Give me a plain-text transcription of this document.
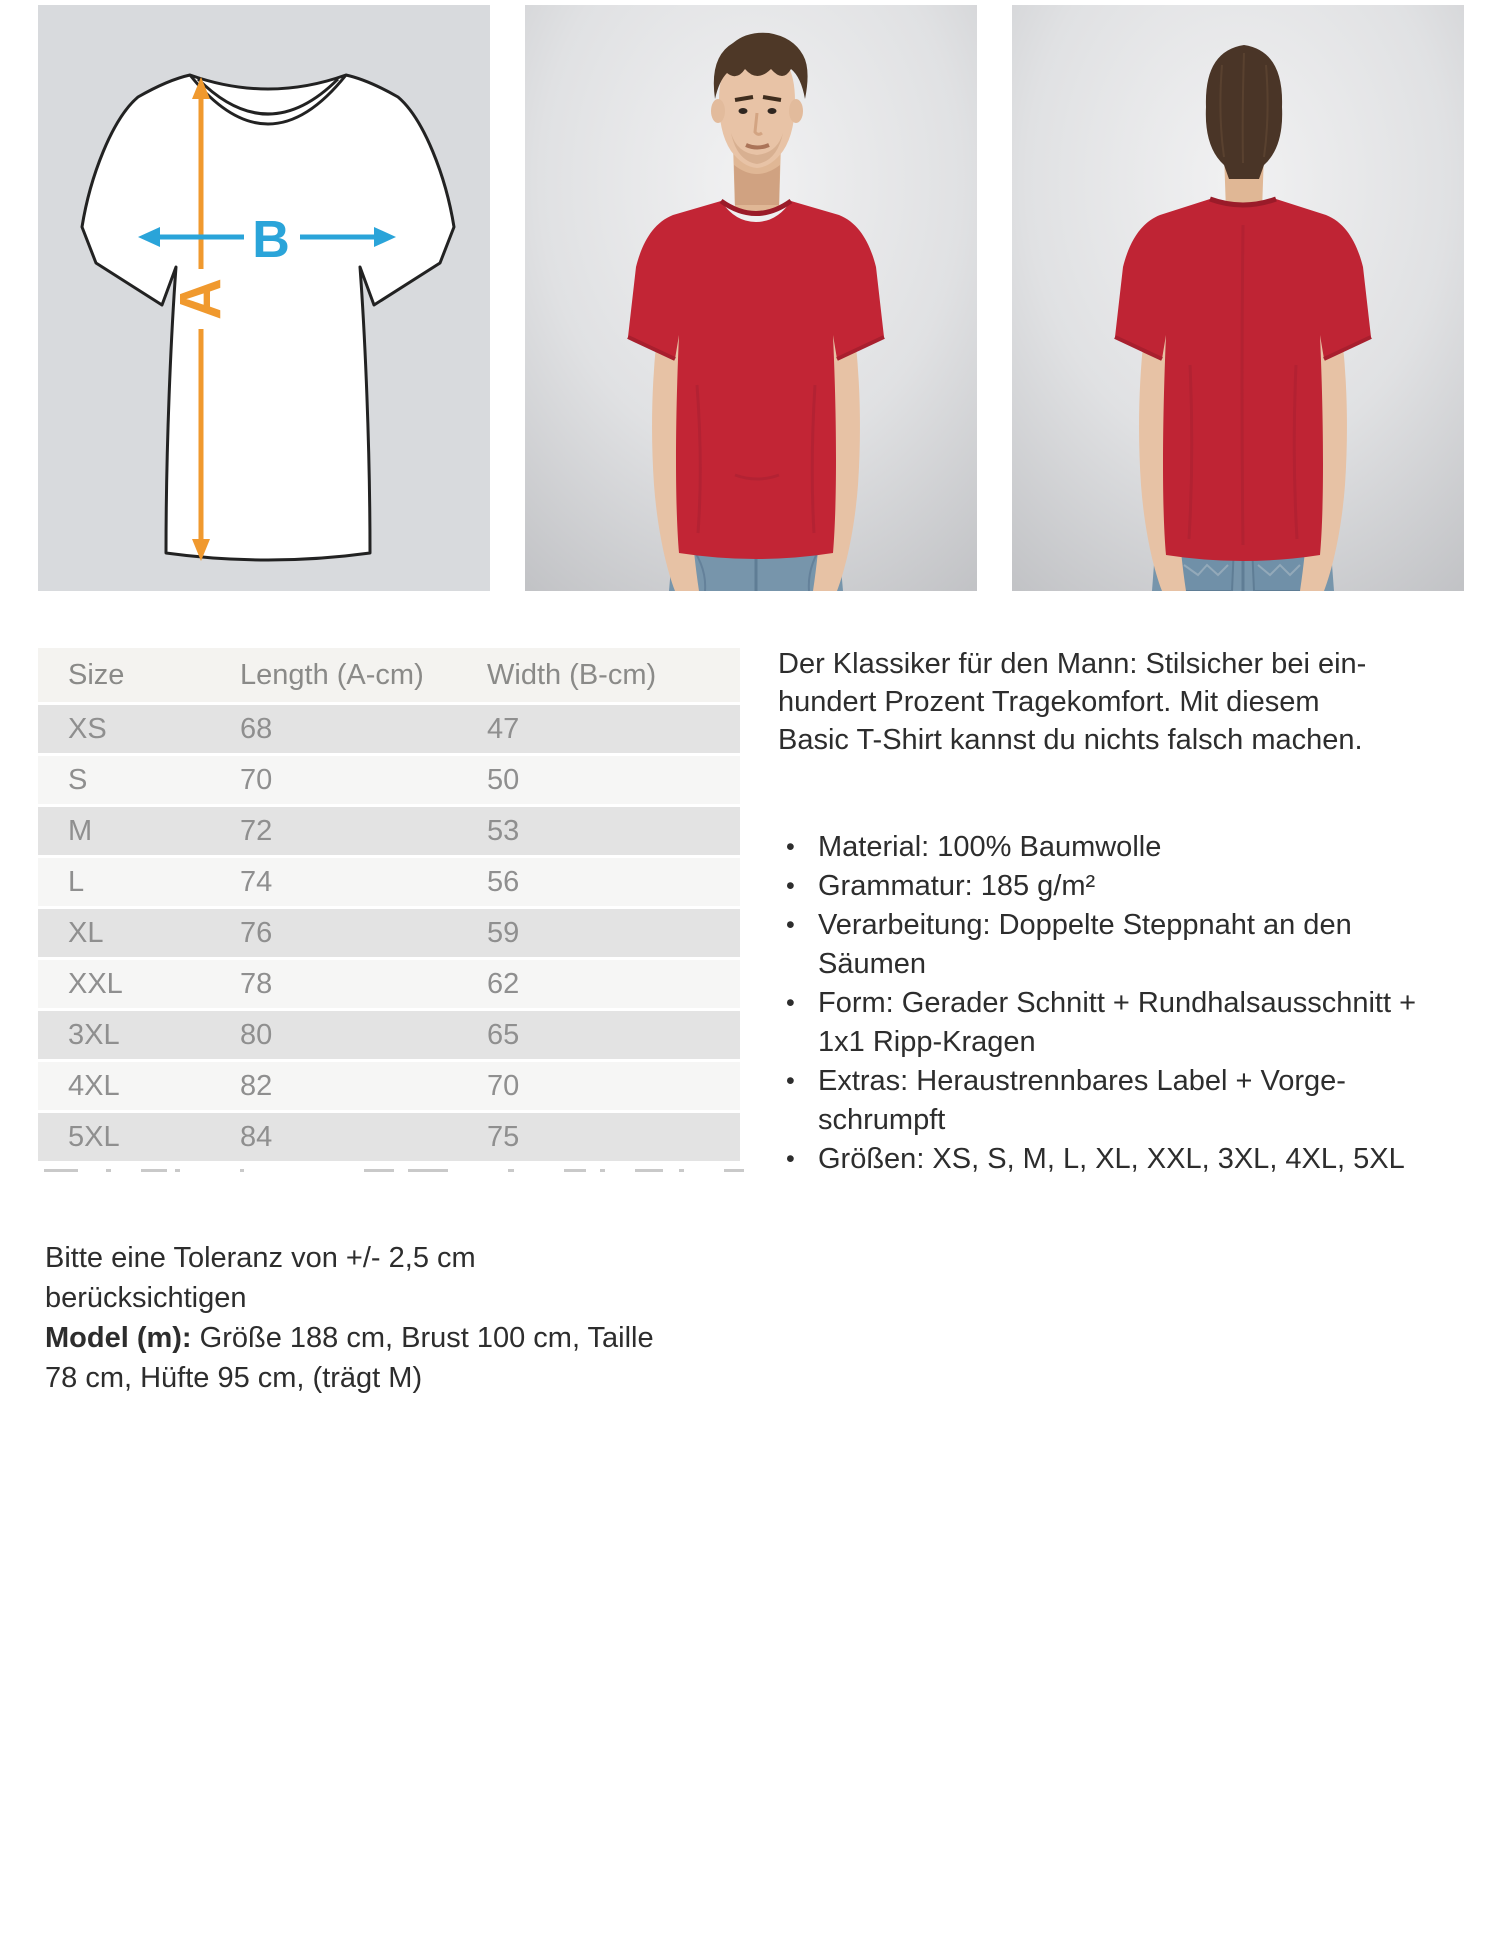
A
B
Size	Length (A-cm)	Width (B-cm)
XS	68	47
S	70	50
M	72	53
L	74	56
XL	76	59
XXL	78	62
3XL	80	65
4XL	82	70
5XL	84	75

Der Klassiker für den Mann: Stilsicher bei ein-
hundert Prozent Tragekomfort. Mit diesem
Basic T-Shirt kannst du nichts falsch machen.

• Material: 100% Baumwolle
• Grammatur: 185 g/m²
• Verarbeitung: Doppelte Steppnaht an den Säumen
• Form: Gerader Schnitt + Rundhalsausschnitt + 1x1 Ripp-Kragen
• Extras: Heraustrennbares Label + Vorgeschrumpft
• Größen: XS, S, M, L, XL, XXL, 3XL, 4XL, 5XL
Bitte eine Toleranz von +/- 2,5 cm berücksichtigen
Model (m): Größe 188 cm, Brust 100 cm, Taille
78 cm, Hüfte 95 cm, (trägt M)
